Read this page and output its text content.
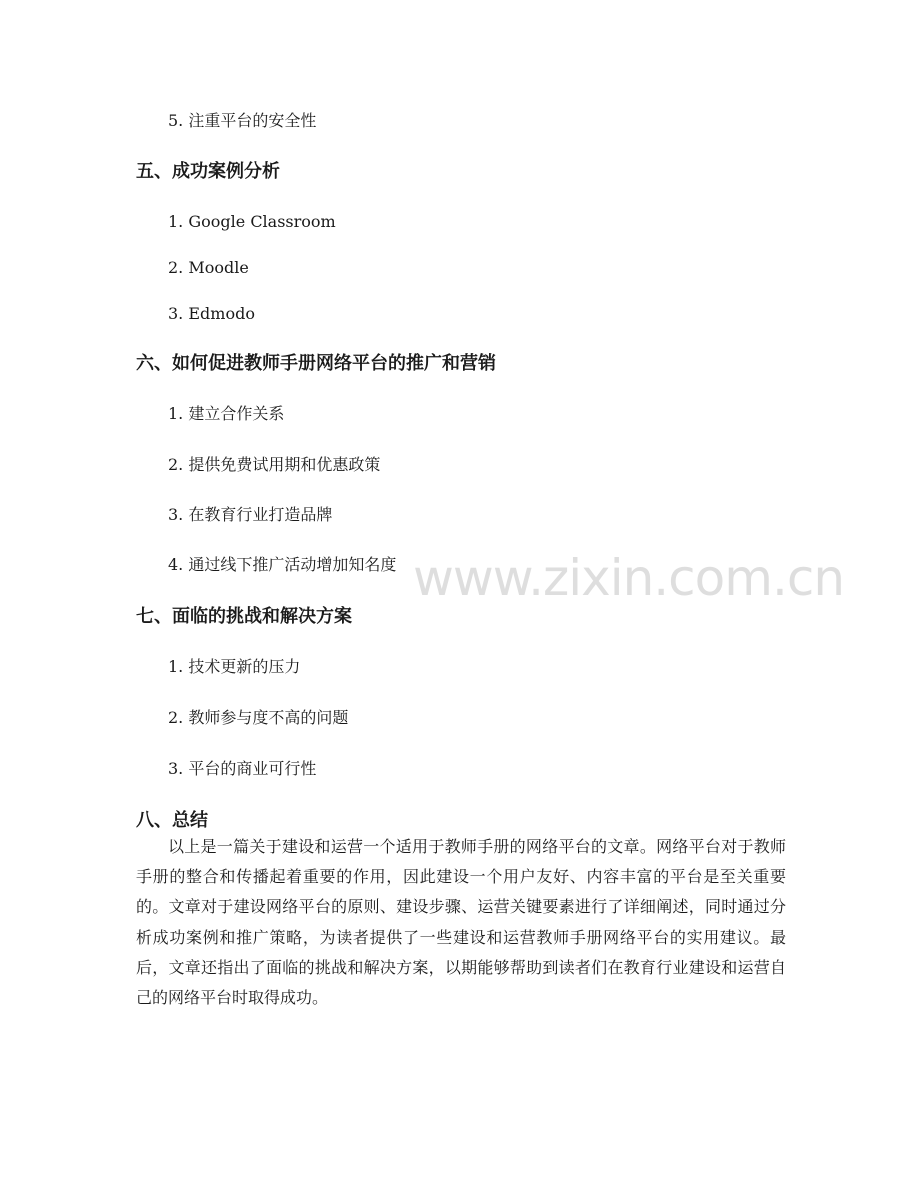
5. 注重平台的安全性
五、成功案例分析
1. Google Classroom
2. Moodle
3. Edmodo
六、如何促进教师手册网络平台的推广和营销
1. 建立合作关系
2. 提供免费试用期和优惠政策
3. 在教育行业打造品牌
4. 通过线下推广活动增加知名度
七、面临的挑战和解决方案
1. 技术更新的压力
2. 教师参与度不高的问题
3. 平台的商业可行性
八、总结
以上是一篇关于建设和运营一个适用于教师手册的网络平台的文章。网络平台对于教师手册的整合和传播起着重要的作用，因此建设一个用户友好、内容丰富的平台是至关重要的。文章对于建设网络平台的原则、建设步骤、运营关键要素进行了详细阐述，同时通过分析成功案例和推广策略，为读者提供了一些建设和运营教师手册网络平台的实用建议。最后，文章还指出了面临的挑战和解决方案，以期能够帮助到读者们在教育行业建设和运营自己的网络平台时取得成功。
www.zixin.com.cn
